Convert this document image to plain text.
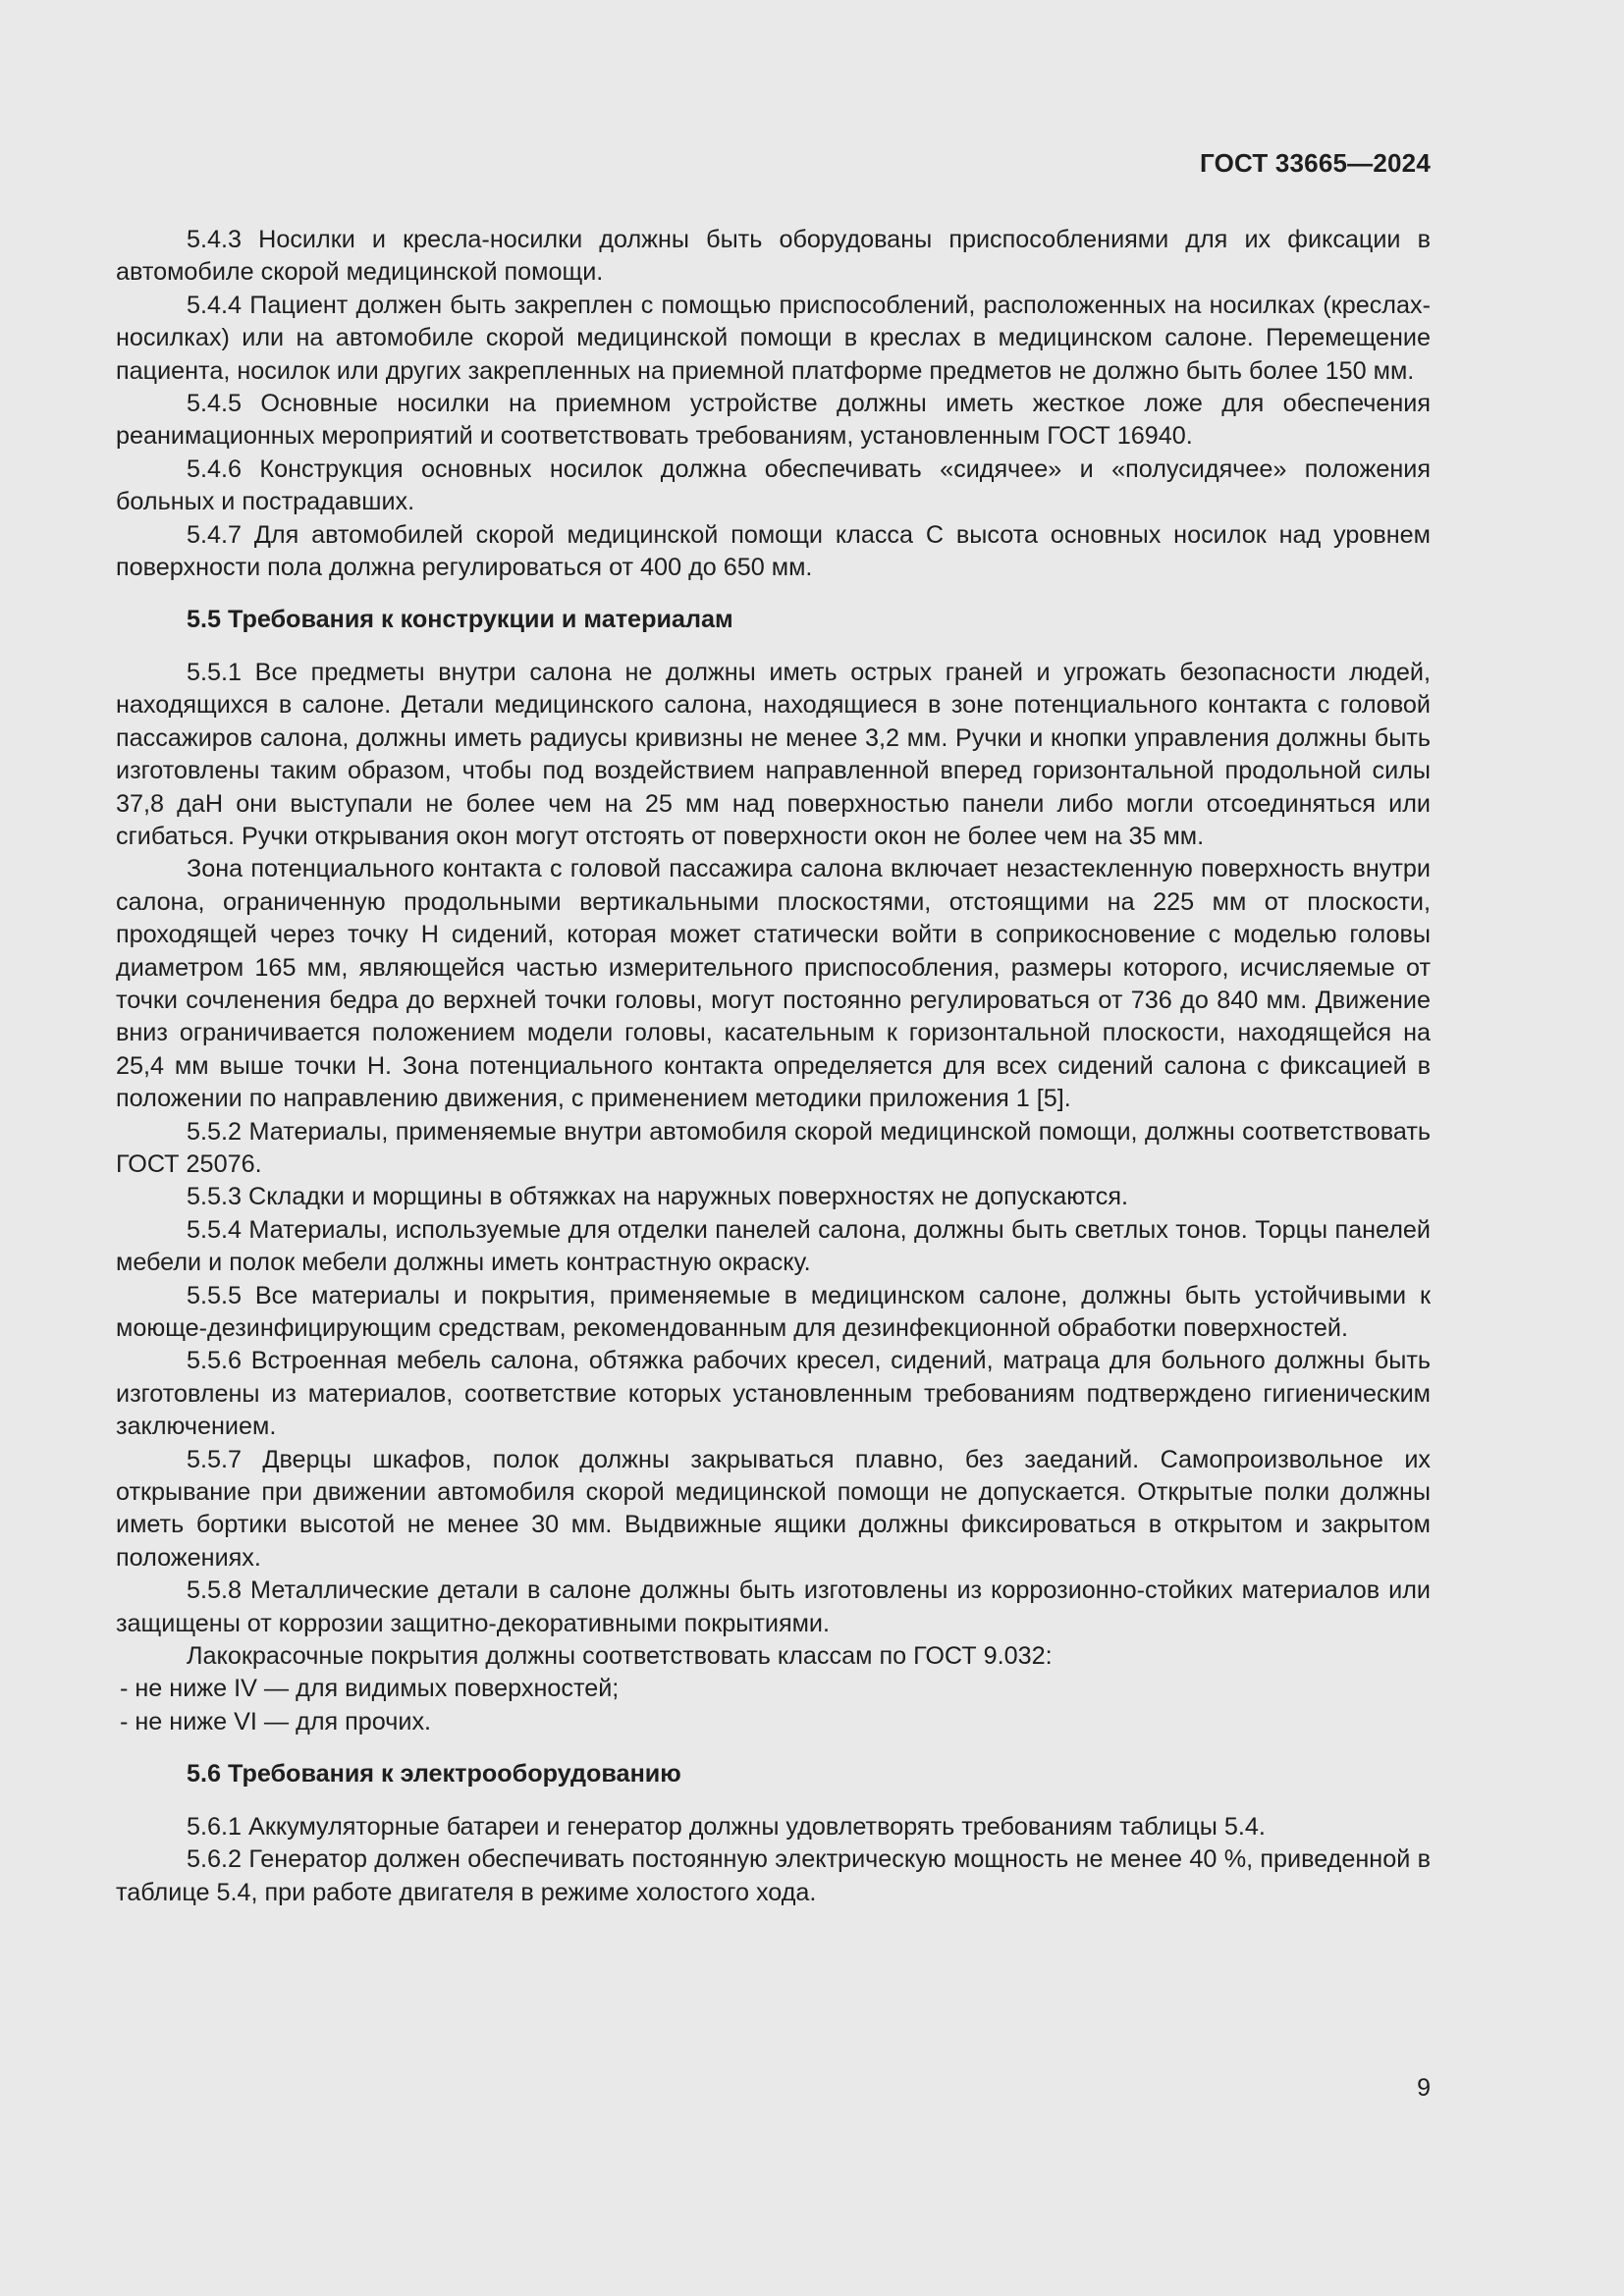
ГОСТ 33665—2024

5.4.3 Носилки и кресла-носилки должны быть оборудованы приспособлениями для их фиксации в автомобиле скорой медицинской помощи.

5.4.4 Пациент должен быть закреплен с помощью приспособлений, расположенных на носилках (креслах-носилках) или на автомобиле скорой медицинской помощи в креслах в медицинском салоне. Перемещение пациента, носилок или других закрепленных на приемной платформе предметов не должно быть более 150 мм.

5.4.5 Основные носилки на приемном устройстве должны иметь жесткое ложе для обеспечения реанимационных мероприятий и соответствовать требованиям, установленным ГОСТ 16940.

5.4.6 Конструкция основных носилок должна обеспечивать «сидячее» и «полусидячее» положения больных и пострадавших.

5.4.7 Для автомобилей скорой медицинской помощи класса С высота основных носилок над уровнем поверхности пола должна регулироваться от 400 до 650 мм.

5.5 Требования к конструкции и материалам

5.5.1 Все предметы внутри салона не должны иметь острых граней и угрожать безопасности людей, находящихся в салоне. Детали медицинского салона, находящиеся в зоне потенциального контакта с головой пассажиров салона, должны иметь радиусы кривизны не менее 3,2 мм. Ручки и кнопки управления должны быть изготовлены таким образом, чтобы под воздействием направленной вперед горизонтальной продольной силы 37,8 даН они выступали не более чем на 25 мм над поверхностью панели либо могли отсоединяться или сгибаться. Ручки открывания окон могут отстоять от поверхности окон не более чем на 35 мм.

Зона потенциального контакта с головой пассажира салона включает незастекленную поверхность внутри салона, ограниченную продольными вертикальными плоскостями, отстоящими на 225 мм от плоскости, проходящей через точку Н сидений, которая может статически войти в соприкосновение с моделью головы диаметром 165 мм, являющейся частью измерительного приспособления, размеры которого, исчисляемые от точки сочленения бедра до верхней точки головы, могут постоянно регулироваться от 736 до 840 мм. Движение вниз ограничивается положением модели головы, касательным к горизонтальной плоскости, находящейся на 25,4 мм выше точки Н. Зона потенциального контакта определяется для всех сидений салона с фиксацией в положении по направлению движения, с применением методики приложения 1 [5].

5.5.2 Материалы, применяемые внутри автомобиля скорой медицинской помощи, должны соответствовать ГОСТ 25076.

5.5.3 Складки и морщины в обтяжках на наружных поверхностях не допускаются.

5.5.4 Материалы, используемые для отделки панелей салона, должны быть светлых тонов. Торцы панелей мебели и полок мебели должны иметь контрастную окраску.

5.5.5 Все материалы и покрытия, применяемые в медицинском салоне, должны быть устойчивыми к моюще-дезинфицирующим средствам, рекомендованным для дезинфекционной обработки поверхностей.

5.5.6 Встроенная мебель салона, обтяжка рабочих кресел, сидений, матраца для больного должны быть изготовлены из материалов, соответствие которых установленным требованиям подтверждено гигиеническим заключением.

5.5.7 Дверцы шкафов, полок должны закрываться плавно, без заеданий. Самопроизвольное их открывание при движении автомобиля скорой медицинской помощи не допускается. Открытые полки должны иметь бортики высотой не менее 30 мм. Выдвижные ящики должны фиксироваться в открытом и закрытом положениях.

5.5.8 Металлические детали в салоне должны быть изготовлены из коррозионно-стойких материалов или защищены от коррозии защитно-декоративными покрытиями.

Лакокрасочные покрытия должны соответствовать классам по ГОСТ 9.032:

- не ниже IV — для видимых поверхностей;

- не ниже VI — для прочих.

5.6 Требования к электрооборудованию

5.6.1 Аккумуляторные батареи и генератор должны удовлетворять требованиям таблицы 5.4.

5.6.2 Генератор должен обеспечивать постоянную электрическую мощность не менее 40 %, приведенной в таблице 5.4, при работе двигателя в режиме холостого хода.

9
